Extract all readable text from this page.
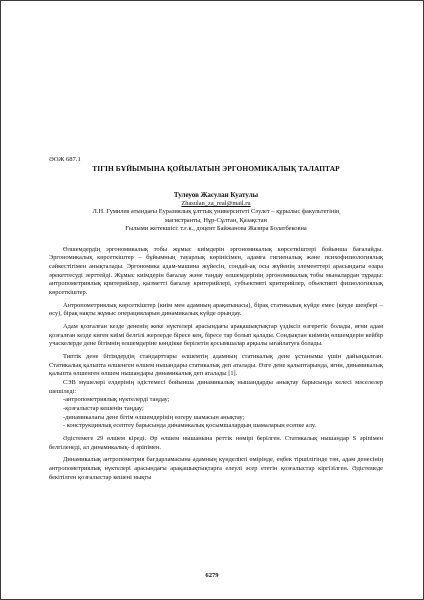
ӘОЖ 687.1
ТІГІН БҰЙЫМЫНА ҚОЙЫЛАТЫН ЭРГОНОМИКАЛЫҚ ТАЛАПТАР
Тулеуов Жасулан Куатулы
Zhasulan_za_real@mail.ru
Л.Н. Гумилев атындағы Еуразиялық ұлттық университеті Сәулет – құрылыс факультетінің
магистранты, Нұр-Сұлтан, Қазақстан
Ғылыми жетекшісі: т.ғ.к., доцент Байжанова Жазира Болатбековна

Өлшемдердің эргономикалық тобы жұмыс киімдерін эргономикалық көрсеткіштері бойынша бағалайды. Эргономикалық көрсеткіштер – бұйымның тауарлық көрінісімен, адамға гигиеналық және психофизиологиялық сәйкестігімен анықталады. Эргономика адам-машина жүйесін, сондай-ақ осы жүйенің элементтері арасындағы өзара әрекеттесуді зерттейді. Жұмыс киімдерін бағалау және таңдау өлшемдерінің эргономикалық тобы мыналардан тұрады: антропометриялық критерийлер, қызметті бағалау критерийлері, субъективті критерийлер, объективті физиологиялық көрсеткіштер.

Антропометриялық көрсеткіштер (киім мен адамның арақатынасы), бірақ статикалық күйде емес (кеуде шеңбері – өсу), бірақ нақты жұмыс операцияларын динамикалық күйде орындау.

Адам қозғалған кезде дененің жеке нүктелері арасындағы арақашықтықтар үздіксіз өзгеретіс болады, яғни адам қозғалған кезде киген киімі белгілі жерлерде біресе кең, біресе тар болып қалады. Сондықтан киімнің өлшемдерін кейбір учаскелерде дене бітімнің өлшемдеріне көндікке берілетін қосымшалар арқылы ығайлатуға болады.

Типтік дене бітімдердің стандарттары өлшемтің адамның статикалық дене ұстанымы үшін дайындалған. Статикалық қалыпта өлшенген өлшем ньшандары статикалық деп аталады. Өзге дене қалыптарында, яғни, динамикалық қалыпта өлшенген өлшем нышандары динамикалық деп аталады [1].

СЭВ мүшелері елдерінің әдістемесі бойынша динамикалық нышандарды анықтау барысында келесі мәселелер шешіледі:

-антропометриялық нүктелерді таңдау;
-қозғалыстар кешенін таңдау;
-динамикалағы дене бітім өлшемдерінің өзгеру шамасын анықтау;
- конструкциялық есептеу барысында динамикалық қосымшалардың шамаларын есепке алу.

Әдістемеге 29 өлшем кіреді. Әр өлшем нышанына реттік нөмірі берілген. Статикалық нышандар S әріпімен белгіленеді, ал динамикалық- d әріпімен.

Динамикалық антропометрия бағдарламасына адамның күнделікті өмірінде, еңбек тіршілігінде тән, адам денесінің антропометриялық нүктелері арасындағы арақашықтықтарға елеулі әсер ететін қозғалыстар кіргізілген. Әдістемеде бекітілген қозғалыстар кешені нықты

6279
